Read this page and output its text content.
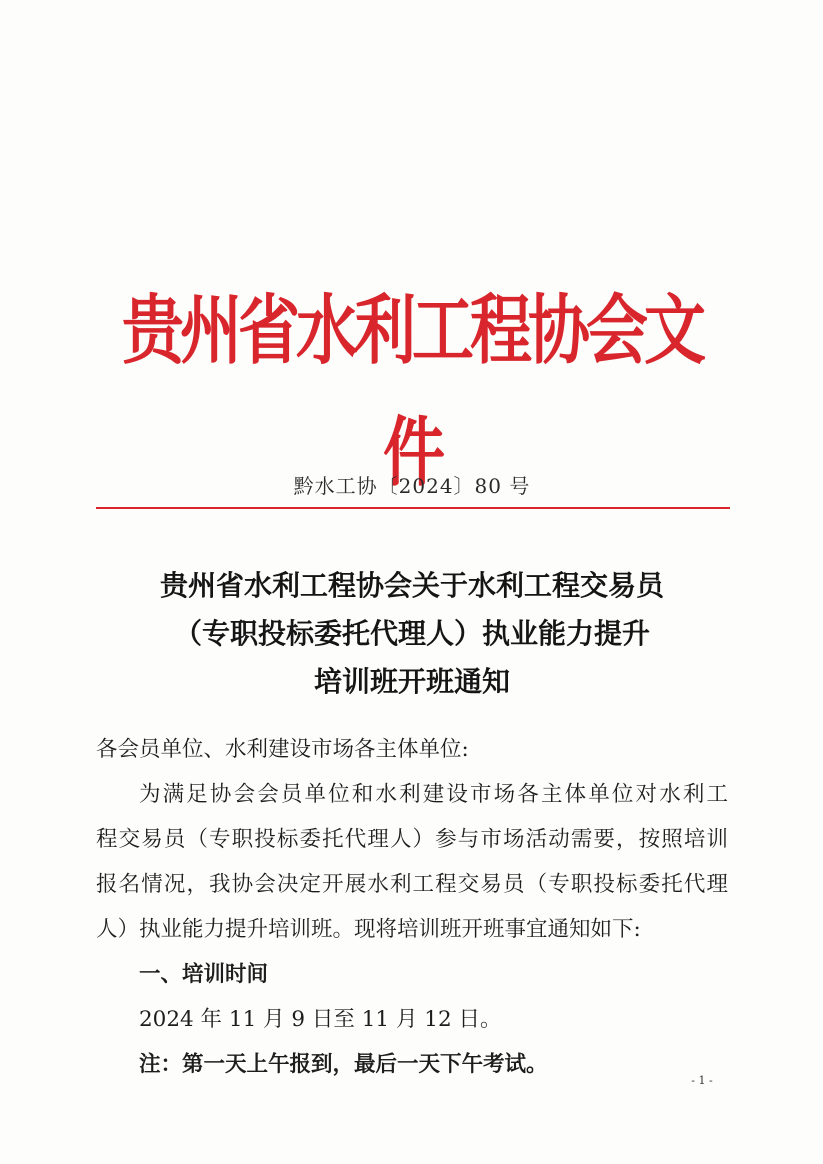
贵州省水利工程协会文件
黔水工协〔2024〕80 号
贵州省水利工程协会关于水利工程交易员
（专职投标委托代理人）执业能力提升
培训班开班通知

各会员单位、水利建设市场各主体单位:

为满足协会会员单位和水利建设市场各主体单位对水利工

程交易员（专职投标委托代理人）参与市场活动需要，按照培训

报名情况，我协会决定开展水利工程交易员（专职投标委托代理

人）执业能力提升培训班。现将培训班开班事宜通知如下:

一、培训时间

2024 年 11 月 9 日至 11 月 12 日。

注：第一天上午报到，最后一天下午考试。

- 1 -
